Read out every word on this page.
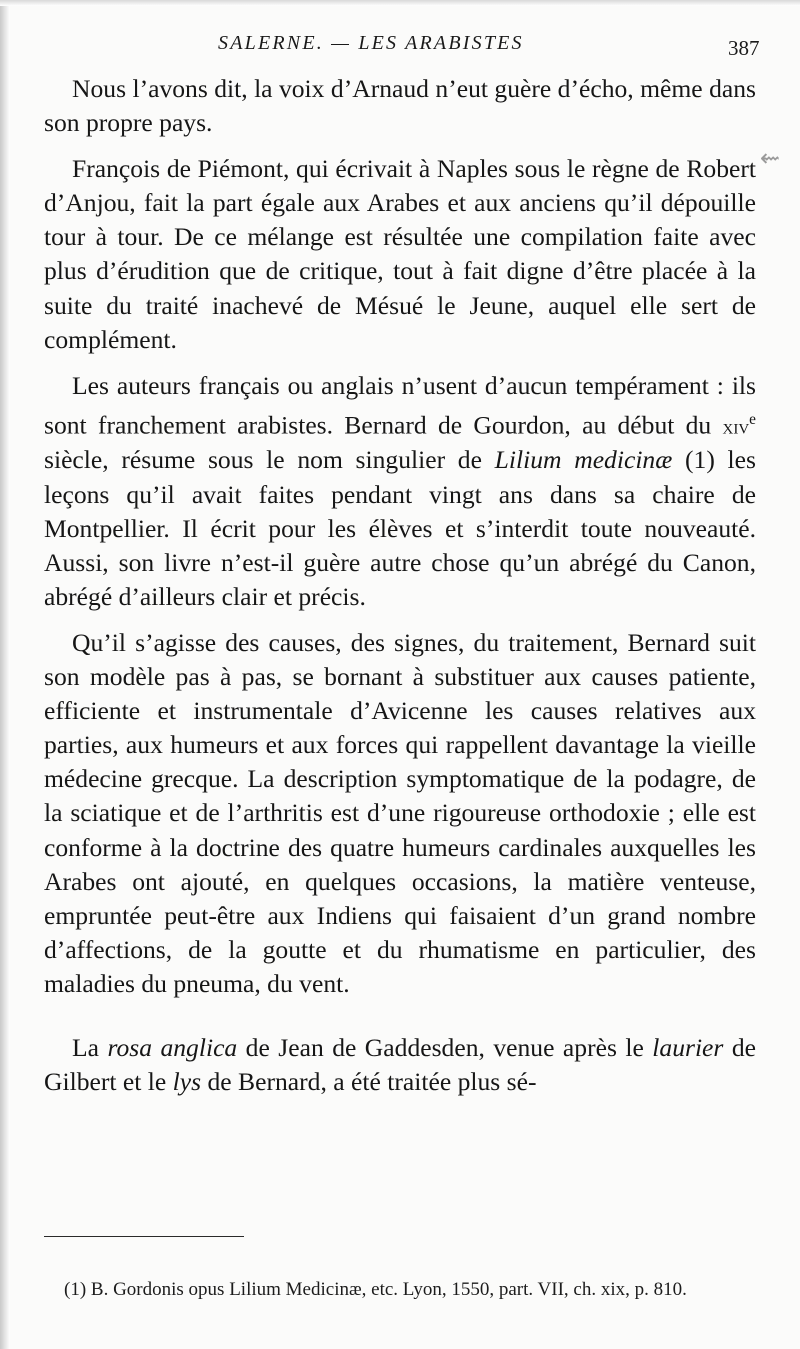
SALERNE. — LES ARABISTES	387
⇜

Nous l’avons dit, la voix d’Arnaud n’eut guère d’écho, même dans son propre pays.

François de Piémont, qui écrivait à Naples sous le règne de Robert d’Anjou, fait la part égale aux Arabes et aux anciens qu’il dépouille tour à tour. De ce mélange est résultée une compilation faite avec plus d’érudition que de critique, tout à fait digne d’être placée à la suite du traité inachevé de Mésué le Jeune, auquel elle sert de complément.

Les auteurs français ou anglais n’usent d’aucun tempérament : ils sont franchement arabistes. Bernard de Gourdon, au début du xiv$^e$ siècle, résume sous le nom singulier de Lilium medicinæ (1) les leçons qu’il avait faites pendant vingt ans dans sa chaire de Montpellier. Il écrit pour les élèves et s’interdit toute nouveauté. Aussi, son livre n’est-il guère autre chose qu’un abrégé du Canon, abrégé d’ailleurs clair et précis.

Qu’il s’agisse des causes, des signes, du traitement, Bernard suit son modèle pas à pas, se bornant à substituer aux causes patiente, efficiente et instrumentale d’Avicenne les causes relatives aux parties, aux humeurs et aux forces qui rappellent davantage la vieille médecine grecque. La description symptomatique de la podagre, de la sciatique et de l’arthritis est d’une rigoureuse orthodoxie ; elle est conforme à la doctrine des quatre humeurs cardinales auxquelles les Arabes ont ajouté, en quelques occasions, la matière venteuse, empruntée peut-être aux Indiens qui faisaient d’un grand nombre d’affections, de la goutte et du rhumatisme en particulier, des maladies du pneuma, du vent.

La rosa anglica de Jean de Gaddesden, venue après le laurier de Gilbert et le lys de Bernard, a été traitée plus sé-

(1) B. Gordonis opus Lilium Medicinæ, etc. Lyon, 1550, part. VII, ch. xix, p. 810.
